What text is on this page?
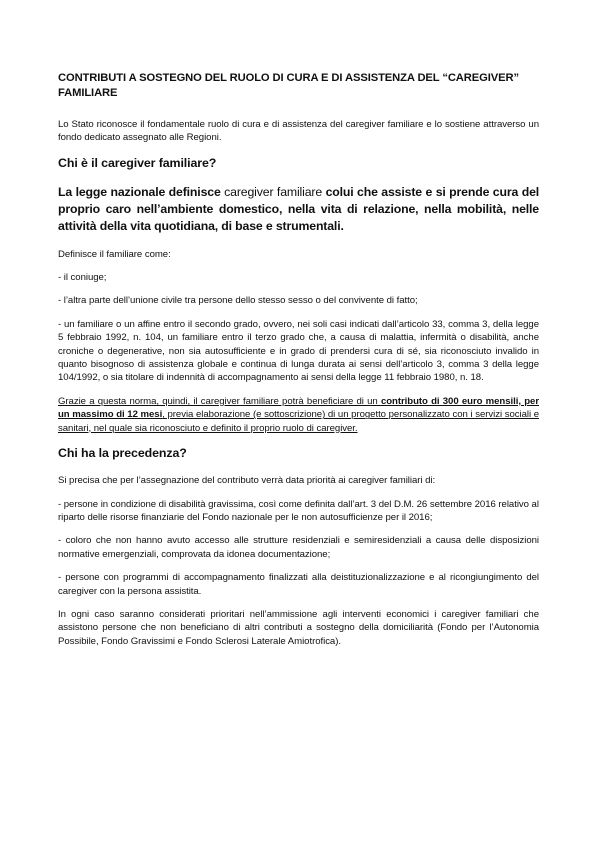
CONTRIBUTI A SOSTEGNO DEL RUOLO DI CURA E DI ASSISTENZA DEL “CAREGIVER” FAMILIARE

Lo Stato riconosce il fondamentale ruolo di cura e di assistenza del caregiver familiare e lo sostiene attraverso un fondo dedicato assegnato alle Regioni.

Chi è il caregiver familiare?

La legge nazionale definisce caregiver familiare colui che assiste e si prende cura del proprio caro nell’ambiente domestico, nella vita di relazione, nella mobilità, nelle attività della vita quotidiana, di base e strumentali.

Definisce il familiare come:

- il coniuge;

- l’altra parte dell’unione civile tra persone dello stesso sesso o del convivente di fatto;

- un familiare o un affine entro il secondo grado, ovvero, nei soli casi indicati dall’articolo 33, comma 3, della legge 5 febbraio 1992, n. 104, un familiare entro il terzo grado che, a causa di malattia, infermità o disabilità, anche croniche o degenerative, non sia autosufficiente e in grado di prendersi cura di sé, sia riconosciuto invalido in quanto bisognoso di assistenza globale e continua di lunga durata ai sensi dell’articolo 3, comma 3 della legge 104/1992, o sia titolare di indennità di accompagnamento ai sensi della legge 11 febbraio 1980, n. 18.

Grazie a questa norma, quindi, il caregiver familiare potrà beneficiare di un contributo di 300 euro mensili, per un massimo di 12 mesi, previa elaborazione (e sottoscrizione) di un progetto personalizzato con i servizi sociali e sanitari, nel quale sia riconosciuto e definito il proprio ruolo di caregiver.

Chi ha la precedenza?

Si precisa che per l’assegnazione del contributo verrà data priorità ai caregiver familiari di:

- persone in condizione di disabilità gravissima, così come definita dall’art. 3 del D.M. 26 settembre 2016 relativo al riparto delle risorse finanziarie del Fondo nazionale per le non autosufficienze per il 2016;

- coloro che non hanno avuto accesso alle strutture residenziali e semiresidenziali a causa delle disposizioni normative emergenziali, comprovata da idonea documentazione;

- persone con programmi di accompagnamento finalizzati alla deistituzionalizzazione e al ricongiungimento del caregiver con la persona assistita.

In ogni caso saranno considerati prioritari nell’ammissione agli interventi economici i caregiver familiari che assistono persone che non beneficiano di altri contributi a sostegno della domiciliarità (Fondo per l’Autonomia Possibile, Fondo Gravissimi e Fondo Sclerosi Laterale Amiotrofica).
